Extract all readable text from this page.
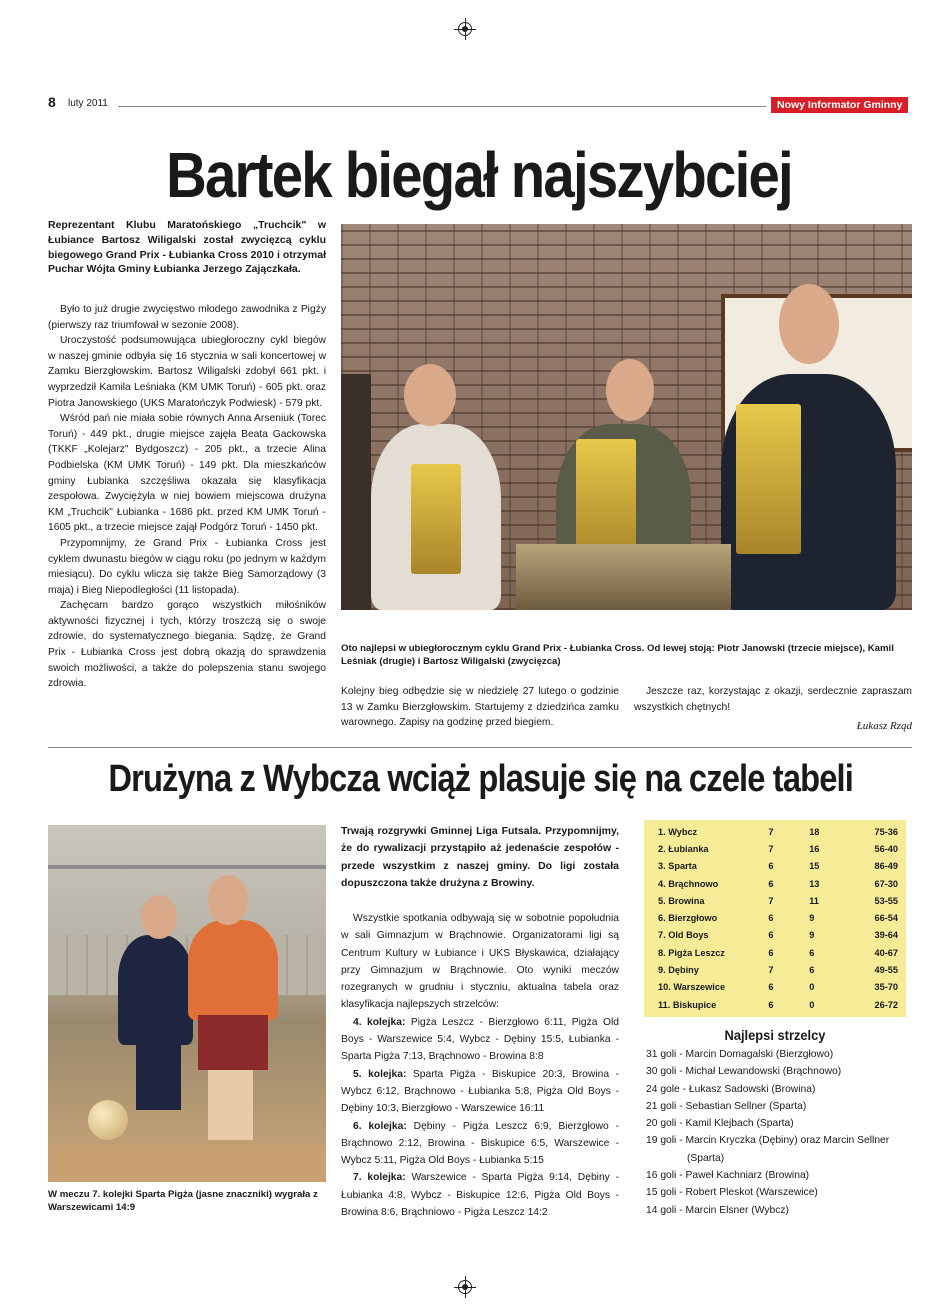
8 luty 2011	Nowy Informator Gminny
Bartek biegał najszybciej
Reprezentant Klubu Maratońskiego „Truchcik" w Łubiance Bartosz Wiligalski został zwycięzcą cyklu biegowego Grand Prix - Łubianka Cross 2010 i otrzymał Puchar Wójta Gminy Łubianka Jerzego Zajączkała.

Było to już drugie zwycięstwo młodego zawodnika z Pigży (pierwszy raz triumfował w sezonie 2008).

Uroczystość podsumowująca ubiegłoroczny cykl biegów w naszej gminie odbyła się 16 stycznia w sali koncertowej w Zamku Bierzgłowskim. Bartosz Wiligalski zdobył 661 pkt. i wyprzedził Kamila Leśniaka (KM UMK Toruń) - 605 pkt. oraz Piotra Janowskiego (UKS Maratończyk Podwiesk) - 579 pkt.

Wśród pań nie miała sobie równych Anna Arseniuk (Torec Toruń) - 449 pkt., drugie miejsce zajęła Beata Gackowska (TKKF „Kolejarz" Bydgoszcz) - 205 pkt., a trzecie Alina Podbielska (KM UMK Toruń) - 149 pkt. Dla mieszkańców gminy Łubianka szczęśliwa okazała się klasyfikacja zespołowa. Zwyciężyła w niej bowiem miejscowa drużyna KM „Truchcik" Łubianka - 1686 pkt. przed KM UMK Toruń - 1605 pkt., a trzecie miejsce zajął Podgórz Toruń - 1450 pkt.

Przypomnijmy, że Grand Prix - Łubianka Cross jest cyklem dwunastu biegów w ciągu roku (po jednym w każdym miesiącu). Do cyklu wlicza się także Bieg Samorządowy (3 maja) i Bieg Niepodległości (11 listopada).

Zachęcam bardzo gorąco wszystkich miłośników aktywności fizycznej i tych, którzy troszczą się o swoje zdrowie, do systematycznego biegania. Sądzę, że Grand Prix - Łubianka Cross jest dobrą okazją do sprawdzenia swoich możliwości, a także do polepszenia stanu swojego zdrowia.

Oto najlepsi w ubiegłorocznym cyklu Grand Prix - Łubianka Cross. Od lewej stoją: Piotr Janowski (trzecie miejsce), Kamil Leśniak (drugie) i Bartosz Wiligalski (zwycięzca)
Kolejny bieg odbędzie się w niedzielę 27 lutego o godzinie 13 w Zamku Bierzgłowskim. Startujemy z dziedzińca zamku warownego. Zapisy na godzinę przed biegiem.
Jeszcze raz, korzystając z okazji, serdecznie zapraszam wszystkich chętnych!
Łukasz Rząd
Drużyna z Wybcza wciąż plasuje się na czele tabeli
W meczu 7. kolejki Sparta Pigża (jasne znaczniki) wygrała z Warszewicami 14:9
Trwają rozgrywki Gminnej Liga Futsala. Przypomnijmy, że do rywalizacji przystąpiło aż jedenaście zespołów - przede wszystkim z naszej gminy. Do ligi została dopuszczona także drużyna z Browiny.

Wszystkie spotkania odbywają się w sobotnie popołudnia w sali Gimnazjum w Brąchnowie. Organizatorami ligi są Centrum Kultury w Łubiance i UKS Błyskawica, działający przy Gimnazjum w Brąchnowie. Oto wyniki meczów rozegranych w grudniu i styczniu, aktualna tabela oraz klasyfikacja najlepszych strzelców:

4. kolejka: Pigża Leszcz - Bierzgłowo 6:11, Pigża Old Boys - Warszewice 5:4, Wybcz - Dębiny 15:5, Łubianka - Sparta Pigża 7:13, Brąchnowo - Browina 8:8

5. kolejka: Sparta Pigża - Biskupice 20:3, Browina - Wybcz 6:12, Brąchnowo - Łubianka 5:8, Pigża Old Boys - Dębiny 10:3, Bierzgłowo - Warszewice 16:11

6. kolejka: Dębiny - Pigża Leszcz 6:9, Bierzgłowo - Brąchnowo 2:12, Browina - Biskupice 6:5, Warszewice - Wybcz 5:11, Pigża Old Boys - Łubianka 5:15

7. kolejka: Warszewice - Sparta Pigża 9:14, Dębiny - Łubianka 4:8, Wybcz - Biskupice 12:6, Pigża Old Boys - Browina 8:6, Brąchniowo - Pigża Leszcz 14:2

1. Wybcz	7	18	75-36
2. Łubianka	7	16	56-40
3. Sparta	6	15	86-49
4. Brąchnowo	6	13	67-30
5. Browina	7	11	53-55
6. Bierzgłowo	6	9	66-54
7. Old Boys	6	9	39-64
8. Pigża Leszcz	6	6	40-67
9. Dębiny	7	6	49-55
10. Warszewice	6	0	35-70
11. Biskupice	6	0	26-72
Najlepsi strzelcy
31 goli - Marcin Domagalski (Bierzgłowo)
30 goli - Michał Lewandowski (Brąchnowo)
24 gole - Łukasz Sadowski (Browina)
21 goli - Sebastian Sellner (Sparta)
20 goli - Kamil Klejbach (Sparta)
19 goli - Marcin Kryczka (Dębiny) oraz Marcin Sellner
(Sparta)
16 goli - Paweł Kachniarz (Browina)
15 goli - Robert Pleskot (Warszewice)
14 goli - Marcin Elsner (Wybcz)
